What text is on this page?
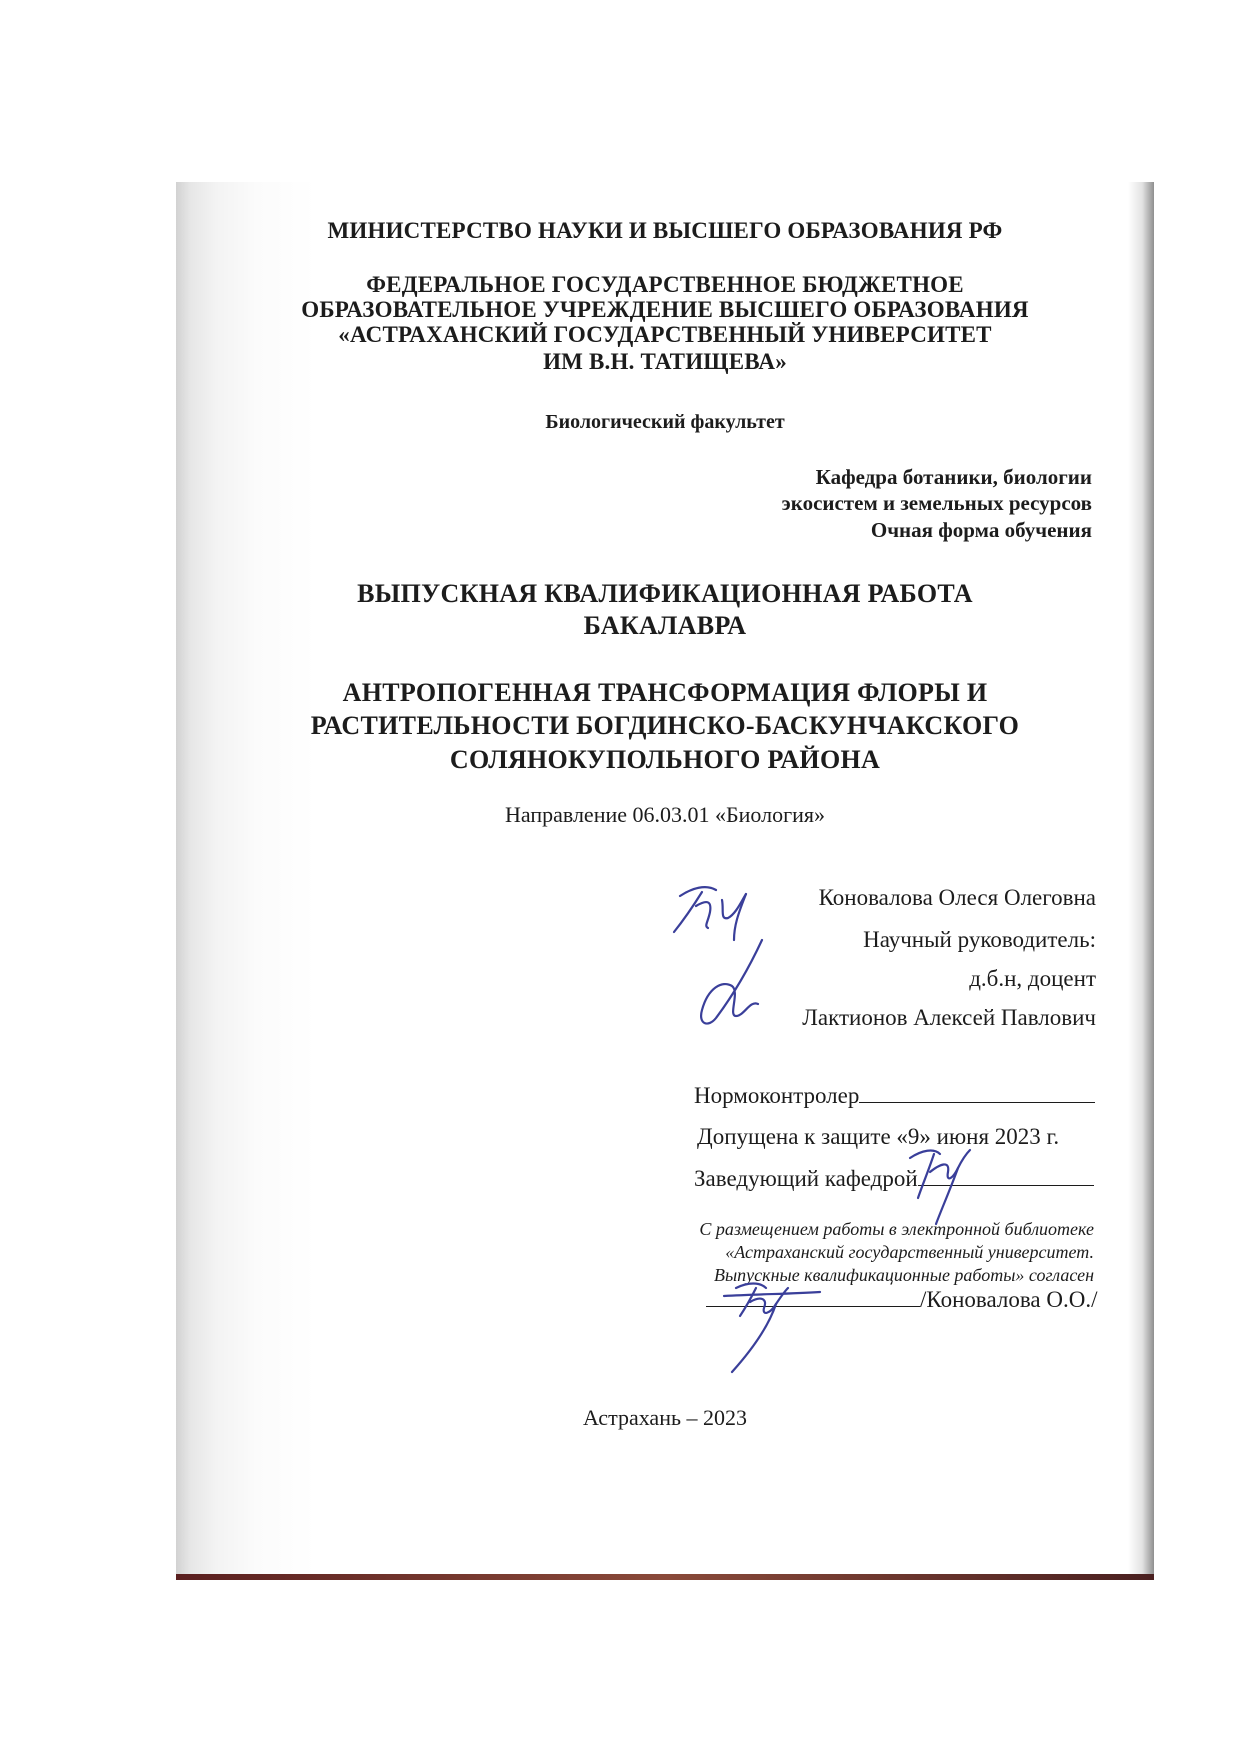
МИНИСТЕРСТВО НАУКИ И ВЫСШЕГО ОБРАЗОВАНИЯ РФ
ФЕДЕРАЛЬНОЕ ГОСУДАРСТВЕННОЕ БЮДЖЕТНОЕ
ОБРАЗОВАТЕЛЬНОЕ УЧРЕЖДЕНИЕ ВЫСШЕГО ОБРАЗОВАНИЯ
«АСТРАХАНСКИЙ ГОСУДАРСТВЕННЫЙ УНИВЕРСИТЕТ
ИМ В.Н. ТАТИЩЕВА»
Биологический факультет
Кафедра ботаники, биологии
экосистем и земельных ресурсов
Очная форма обучения
ВЫПУСКНАЯ КВАЛИФИКАЦИОННАЯ РАБОТА
БАКАЛАВРА
АНТРОПОГЕННАЯ ТРАНСФОРМАЦИЯ ФЛОРЫ И
РАСТИТЕЛЬНОСТИ БОГДИНСКО-БАСКУНЧАКСКОГО
СОЛЯНОКУПОЛЬНОГО РАЙОНА
Направление 06.03.01 «Биология»
Коновалова Олеся Олеговна
Научный руководитель:
д.б.н, доцент
Лактионов Алексей Павлович
Нормоконтролер
Допущена к защите «9» июня 2023 г.
Заведующий кафедрой
С размещением работы в электронной библиотеке
«Астраханский государственный университет.
Выпускные квалификационные работы» согласен
/Коновалова О.О./
Астрахань – 2023
